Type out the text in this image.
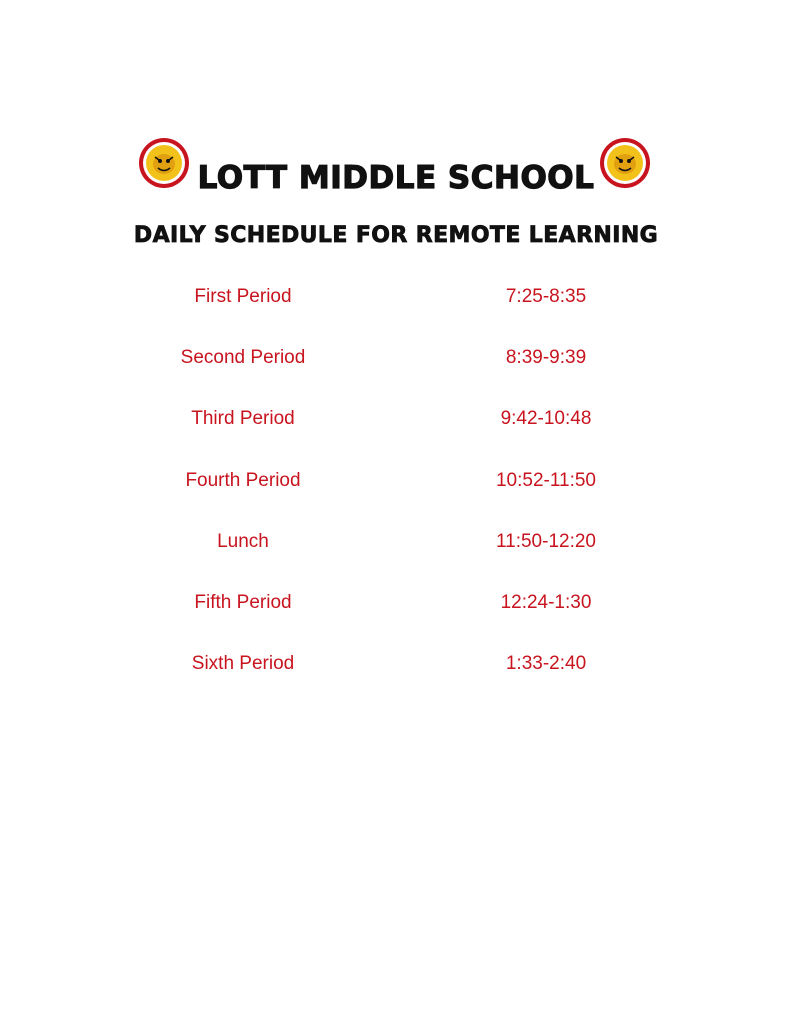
LOTT MIDDLE SCHOOL
DAILY SCHEDULE FOR REMOTE LEARNING
First Period	7:25-8:35
Second Period	8:39-9:39
Third Period	9:42-10:48
Fourth Period	10:52-11:50
Lunch	11:50-12:20
Fifth Period	12:24-1:30
Sixth Period	1:33-2:40
